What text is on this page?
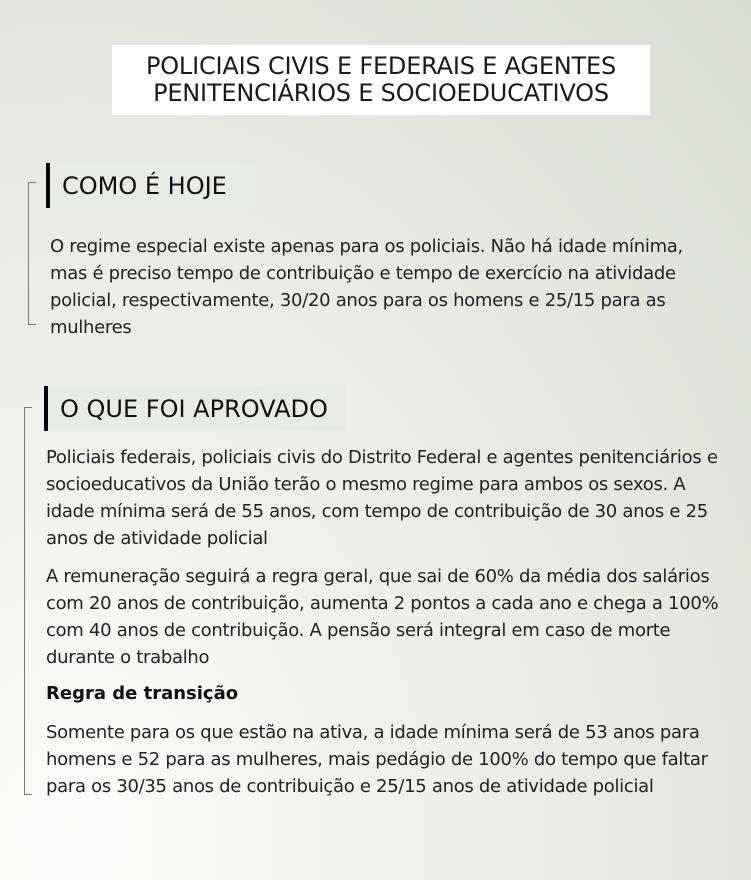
POLICIAIS CIVIS E FEDERAIS E AGENTES
PENITENCIÁRIOS E SOCIOEDUCATIVOS
COMO É HOJE

O regime especial existe apenas para os policiais. Não há idade mínima, mas é preciso tempo de contribuição e tempo de exercício na atividade policial, respectivamente, 30/20 anos para os homens e 25/15 para as mulheres

O QUE FOI APROVADO

Policiais federais, policiais civis do Distrito Federal e agentes penitenciários e socioeducativos da União terão o mesmo regime para ambos os sexos. A idade mínima será de 55 anos, com tempo de contribuição de 30 anos e 25 anos de atividade policial

A remuneração seguirá a regra geral, que sai de 60% da média dos salários com 20 anos de contribuição, aumenta 2 pontos a cada ano e chega a 100% com 40 anos de contribuição. A pensão será integral em caso de morte durante o trabalho

Regra de transição

Somente para os que estão na ativa, a idade mínima será de 53 anos para homens e 52 para as mulheres, mais pedágio de 100% do tempo que faltar para os 30/35 anos de contribuição e 25/15 anos de atividade policial
